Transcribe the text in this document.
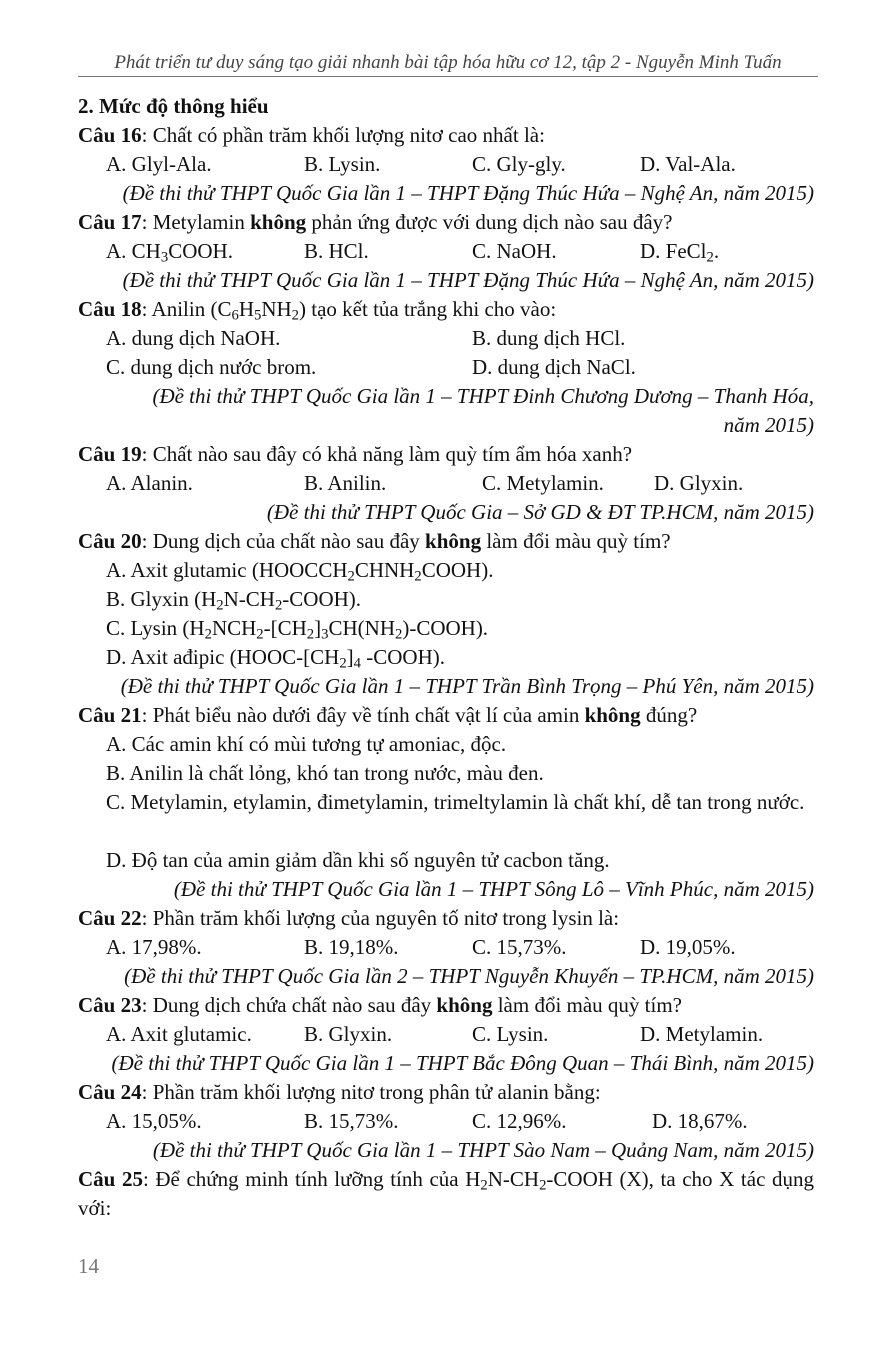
Phát triển tư duy sáng tạo giải nhanh bài tập hóa hữu cơ 12, tập 2 - Nguyễn Minh Tuấn
2. Mức độ thông hiểu
Câu 16: Chất có phần trăm khối lượng nitơ cao nhất là:
A. Glyl-Ala.	B. Lysin.	C. Gly-gly.	D. Val-Ala.
(Đề thi thử THPT Quốc Gia lần 1 – THPT Đặng Thúc Hứa – Nghệ An, năm 2015)
Câu 17: Metylamin không phản ứng được với dung dịch nào sau đây?
A. $CH_3COOH$.	B. HCl.	C. NaOH.	D. FeCl$_2$.
(Đề thi thử THPT Quốc Gia lần 1 – THPT Đặng Thúc Hứa – Nghệ An, năm 2015)
Câu 18: Anilin $(C_6H_5NH_2)$ tạo kết tủa trắng khi cho vào:
A. dung dịch NaOH.	B. dung dịch HCl.
C. dung dịch nước brom.	D. dung dịch NaCl.
(Đề thi thử THPT Quốc Gia lần 1 – THPT Đinh Chương Dương – Thanh Hóa,
năm 2015)
Câu 19: Chất nào sau đây có khả năng làm quỳ tím ẩm hóa xanh?
A. Alanin.	B. Anilin.	C. Metylamin. D. Glyxin.
(Đề thi thử THPT Quốc Gia – Sở GD & ĐT TP.HCM, năm 2015)
Câu 20: Dung dịch của chất nào sau đây không làm đổi màu quỳ tím?
A. Axit glutamic $(HOOCCH_2CHNH_2COOH)$.
B. Glyxin $(H_2N-CH_2-COOH)$.
C. Lysin $(H_2NCH_2-[CH_2]_3CH(NH_2)-COOH)$.
D. Axit ađipic ($HOOC-[CH_2]_4$ -COOH).
(Đề thi thử THPT Quốc Gia lần 1 – THPT Trần Bình Trọng – Phú Yên, năm 2015)
Câu 21: Phát biểu nào dưới đây về tính chất vật lí của amin không đúng?
A. Các amin khí có mùi tương tự amoniac, độc.
B. Anilin là chất lỏng, khó tan trong nước, màu đen.
C. Metylamin, etylamin, đimetylamin, trimeltylamin là chất khí, dễ tan trong nước.
D. Độ tan của amin giảm dần khi số nguyên tử cacbon tăng.
(Đề thi thử THPT Quốc Gia lần 1 – THPT Sông Lô – Vĩnh Phúc, năm 2015)
Câu 22: Phần trăm khối lượng của nguyên tố nitơ trong lysin là:
A. 17,98%.	B. 19,18%.	C. 15,73%.	D. 19,05%.
(Đề thi thử THPT Quốc Gia lần 2 – THPT Nguyễn Khuyến – TP.HCM, năm 2015)
Câu 23: Dung dịch chứa chất nào sau đây không làm đổi màu quỳ tím?
A. Axit glutamic. B. Glyxin.	C. Lysin.	D. Metylamin.
(Đề thi thử THPT Quốc Gia lần 1 – THPT Bắc Đông Quan – Thái Bình, năm 2015)
Câu 24: Phần trăm khối lượng nitơ trong phân tử alanin bằng:
A. 15,05%.	B. 15,73%.	C. 12,96%.	D. 18,67%.
(Đề thi thử THPT Quốc Gia lần 1 – THPT Sào Nam – Quảng Nam, năm 2015)
Câu 25: Để chứng minh tính lưỡng tính của $H_2N-CH_2$-COOH (X), ta cho X tác dụng với:
14
